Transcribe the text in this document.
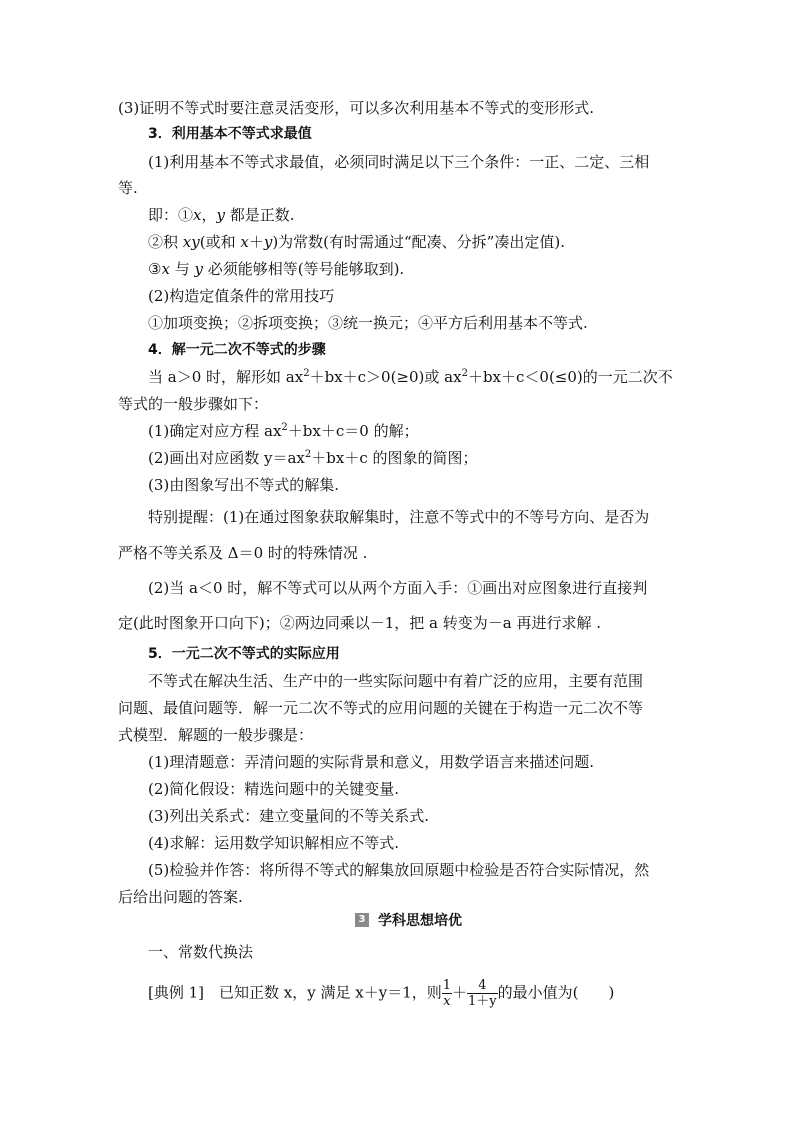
(3)证明不等式时要注意灵活变形，可以多次利用基本不等式的变形形式.
3．利用基本不等式求最值
(1)利用基本不等式求最值，必须同时满足以下三个条件：一正、二定、三相
等.
即：①x，y 都是正数.
②积 xy(或和 x＋y)为常数(有时需通过“配凑、分拆”凑出定值).
③x 与 y 必须能够相等(等号能够取到).
(2)构造定值条件的常用技巧
①加项变换；②拆项变换；③统一换元；④平方后利用基本不等式.
4．解一元二次不等式的步骤
当 a＞0 时，解形如 $ax^2+bx+c>0(\ge 0)$或 $ax^2+bx+c<0(\le 0)$的一元二次不
等式的一般步骤如下：
(1)确定对应方程 $ax^2+bx+c=0$ 的解；
(2)画出对应函数 $y=ax^2+bx+c$ 的图象的简图；
(3)由图象写出不等式的解集.
特别提醒：(1)在通过图象获取解集时，注意不等式中的不等号方向、是否为
严格不等关系及 Δ＝0 时的特殊情况 .
(2)当 a＜0 时，解不等式可以从两个方面入手：①画出对应图象进行直接判
定(此时图象开口向下)；②两边同乘以－1，把 a 转变为－a 再进行求解 .
5．一元二次不等式的实际应用
不等式在解决生活、生产中的一些实际问题中有着广泛的应用，主要有范围
问题、最值问题等．解一元二次不等式的应用问题的关键在于构造一元二次不等
式模型．解题的一般步骤是：
(1)理清题意：弄清问题的实际背景和意义，用数学语言来描述问题.
(2)简化假设：精选问题中的关键变量.
(3)列出关系式：建立变量间的不等关系式.
(4)求解：运用数学知识解相应不等式.
(5)检验并作答：将所得不等式的解集放回原题中检验是否符合实际情况，然
后给出问题的答案.
3 学科思想培优
一、常数代换法
[典例 1]　已知正数 x，y 满足 x＋y＝1，则 $\frac{1}{x} + \frac{4}{1+y}$ 的最小值为(　　)
